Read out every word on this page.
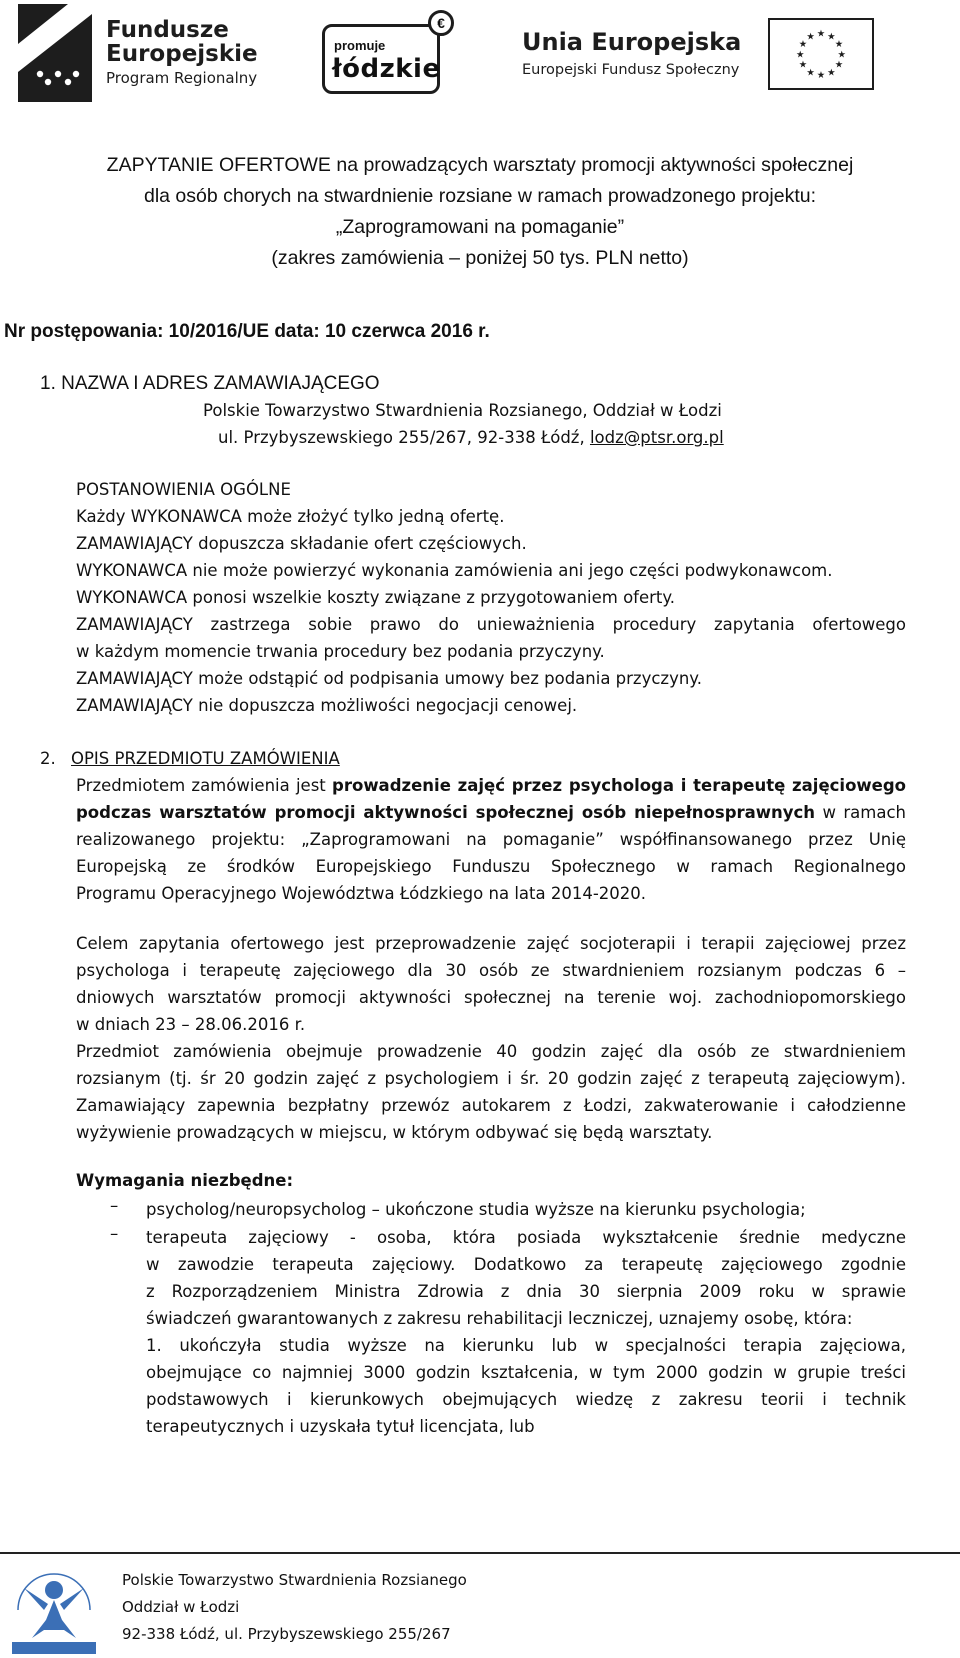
Fundusze
Europejskie
Program Regionalny
€
promuje
łódzkie
Unia Europejska
Europejski Fundusz Społeczny
★ ★
★
★
★
★
★
★
★
★
★
★
ZAPYTANIE OFERTOWE na prowadzących warsztaty promocji aktywności społecznej
dla osób chorych na stwardnienie rozsiane w ramach prowadzonego projektu:
„Zaprogramowani na pomaganie”
(zakres zamówienia – poniżej 50 tys. PLN netto)
Nr postępowania: 10/2016/UE data: 10 czerwca 2016 r.
1. NAZWA I ADRES ZAMAWIAJĄCEGO
Polskie Towarzystwo Stwardnienia Rozsianego, Oddział w Łodzi
ul. Przybyszewskiego 255/267, 92-338 Łódź, lodz@ptsr.org.pl
POSTANOWIENIA OGÓLNE
Każdy WYKONAWCA może złożyć tylko jedną ofertę.
ZAMAWIAJĄCY dopuszcza składanie ofert częściowych.
WYKONAWCA nie może powierzyć wykonania zamówienia ani jego części podwykonawcom.
WYKONAWCA ponosi wszelkie koszty związane z przygotowaniem oferty.
ZAMAWIAJĄCY zastrzega sobie prawo do unieważnienia procedury zapytania ofertowego
w każdym momencie trwania procedury bez podania przyczyny.
ZAMAWIAJĄCY może odstąpić od podpisania umowy bez podania przyczyny.
ZAMAWIAJĄCY nie dopuszcza możliwości negocjacji cenowej.
2. OPIS PRZEDMIOTU ZAMÓWIENIA
Przedmiotem zamówienia jest prowadzenie zajęć przez psychologa i terapeutę zajęciowego
podczas warsztatów promocji aktywności społecznej osób niepełnosprawnych w ramach
realizowanego projektu: „Zaprogramowani na pomaganie” współfinansowanego przez Unię
Europejską ze środków Europejskiego Funduszu Społecznego w ramach Regionalnego
Programu Operacyjnego Województwa Łódzkiego na lata 2014-2020.
Celem zapytania ofertowego jest przeprowadzenie zajęć socjoterapii i terapii zajęciowej przez
psychologa i terapeutę zajęciowego dla 30 osób ze stwardnieniem rozsianym podczas 6 –
dniowych warsztatów promocji aktywności społecznej na terenie woj. zachodniopomorskiego
w dniach 23 – 28.06.2016 r.
Przedmiot zamówienia obejmuje prowadzenie 40 godzin zajęć dla osób ze stwardnieniem
rozsianym (tj. śr 20 godzin zajęć z psychologiem i śr. 20 godzin zajęć z terapeutą zajęciowym).
Zamawiający zapewnia bezpłatny przewóz autokarem z Łodzi, zakwaterowanie i całodzienne
wyżywienie prowadzących w miejscu, w którym odbywać się będą warsztaty.
Wymagania niezbędne:
– psycholog/neuropsycholog – ukończone studia wyższe na kierunku psychologia;
– terapeuta zajęciowy - osoba, która posiada wykształcenie średnie medyczne
w zawodzie terapeuta zajęciowy. Dodatkowo za terapeutę zajęciowego zgodnie
z Rozporządzeniem Ministra Zdrowia z dnia 30 sierpnia 2009 roku w sprawie
świadczeń gwarantowanych z zakresu rehabilitacji leczniczej, uznajemy osobę, która:
1. ukończyła studia wyższe na kierunku lub w specjalności terapia zajęciowa,
obejmujące co najmniej 3000 godzin kształcenia, w tym 2000 godzin w grupie treści
podstawowych i kierunkowych obejmujących wiedzę z zakresu teorii i technik
terapeutycznych i uzyskała tytuł licencjata, lub
Polskie Towarzystwo Stwardnienia Rozsianego
Oddział w Łodzi
92-338 Łódź, ul. Przybyszewskiego 255/267
